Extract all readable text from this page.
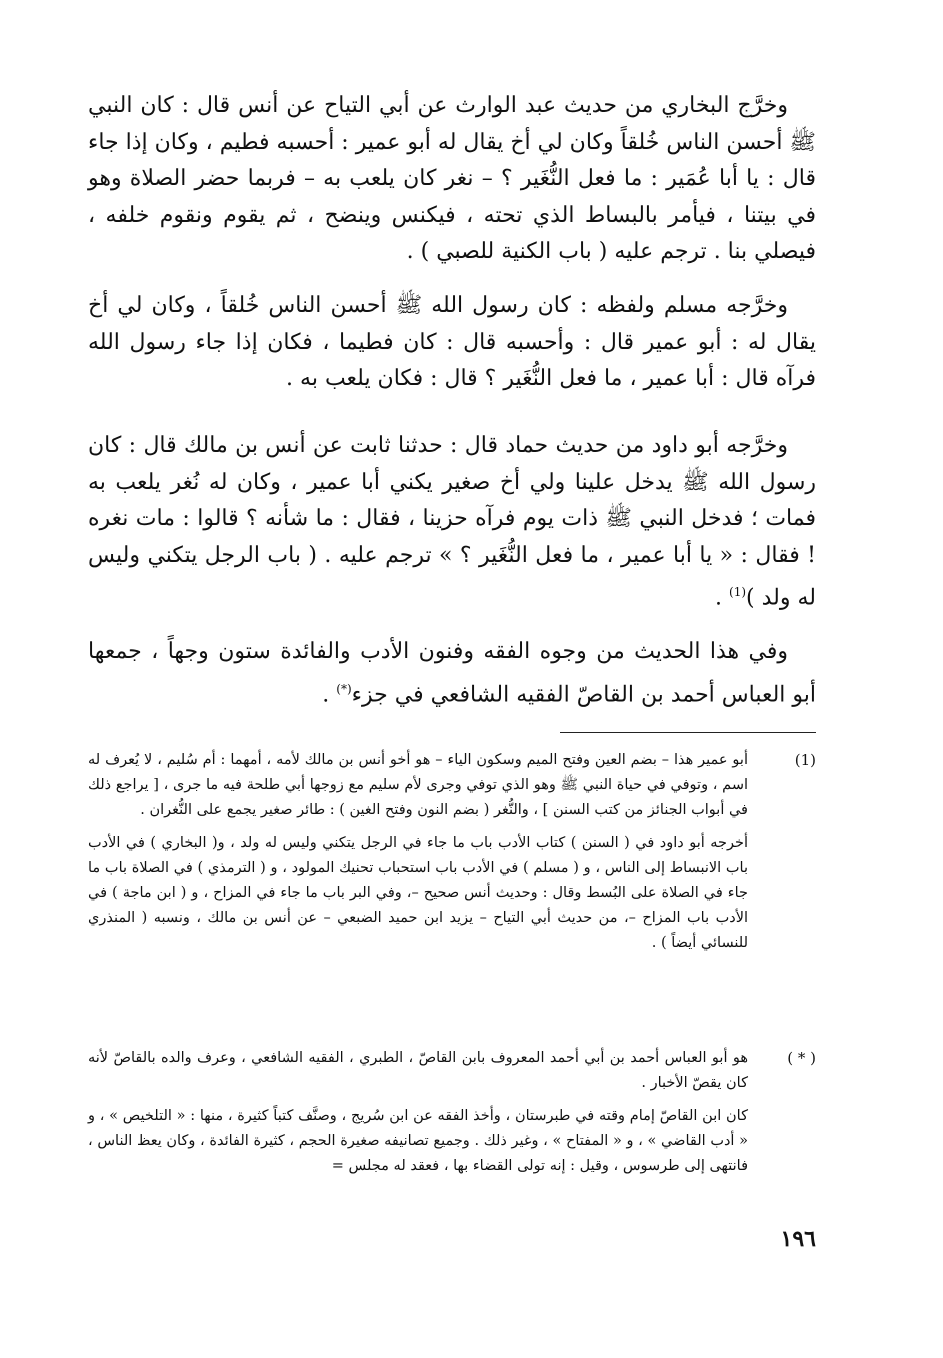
وخرَّج البخاري من حديث عبد الوارث عن أبي التياح عن أنس قال : كان النبي ﷺ أحسن الناس خُلقاً وكان لي أخ يقال له أبو عمير : أحسبه فطيم ، وكان إذا جاء قال : يا أبا عُمَير : ما فعل النُّغَير ؟ – نغر كان يلعب به – فربما حضر الصلاة وهو في بيتنا ، فيأمر بالبساط الذي تحته ، فيكنس وينضح ، ثم يقوم ونقوم خلفه ، فيصلي بنا . ترجم عليه ( باب الكنية للصبي ) .

وخرَّجه مسلم ولفظه : كان رسول الله ﷺ أحسن الناس خُلقاً ، وكان لي أخ يقال له : أبو عمير قال : وأحسبه قال : كان فطيما ، فكان إذا جاء رسول الله فرآه قال : أبا عمير ، ما فعل النُّغَير ؟ قال : فكان يلعب به .

وخرَّجه أبو داود من حديث حماد قال : حدثنا ثابت عن أنس بن مالك قال : كان رسول الله ﷺ يدخل علينا ولي أخ صغير يكني أبا عمير ، وكان له نُغر يلعب به فمات ؛ فدخل النبي ﷺ ذات يوم فرآه حزينا ، فقال : ما شأنه ؟ قالوا : مات نغره ! فقال : « يا أبا عمير ، ما فعل النُّغَير ؟ » ترجم عليه . ( باب الرجل يتكني وليس له ولد )$^{(1)}$ .

وفي هذا الحديث من وجوه الفقه وفنون الأدب والفائدة ستون وجهاً ، جمعها أبو العباس أحمد بن القاصّ الفقيه الشافعي في جزء(*) .

(1)

أبو عمير هذا – بضم العين وفتح الميم وسكون الياء – هو أخو أنس بن مالك لأمه ، أمهما : أم سُليم ، لا يُعرف له اسم ، وتوفي في حياة النبي ﷺ وهو الذي توفي وجرى لأم سليم مع زوجها أبي طلحة فيه ما جرى ، [ يراجع ذلك في أبواب الجنائز من كتب السنن ] ، والنُّغر ( بضم النون وفتح الغين ) : طائر صغير يجمع على النُّغران .

أخرجه أبو داود في ( السنن ) كتاب الأدب باب ما جاء في الرجل يتكني وليس له ولد ، و( البخاري ) في الأدب باب الانبساط إلى الناس ، و ( مسلم ) في الأدب باب استحباب تحنيك المولود ، و ( الترمذي ) في الصلاة باب ما جاء في الصلاة على البُسط وقال : وحديث أنس صحيح –، وفي البر باب ما جاء في المزاح ، و ( ابن ماجة ) في الأدب باب المزاح –، من حديث أبي التياح – يزيد ابن حميد الضبعي – عن أنس بن مالك ، ونسبه ( المنذري للنسائي أيضاً ) .

( * )

هو أبو العباس أحمد بن أبي أحمد المعروف بابن القاصّ ، الطبري ، الفقيه الشافعي ، وعرف والده بالقاصّ لأنه كان يقصّ الأخبار .

كان ابن القاصّ إمام وقته في طبرستان ، وأخذ الفقه عن ابن سُريج ، وصنَّف كتباً كثيرة ، منها : « التلخيص » ، و « أدب القاضي » ، و « المفتاح » ، وغير ذلك . وجميع تصانيفه صغيرة الحجم ، كثيرة الفائدة ، وكان يعظ الناس ، فانتهى إلى طرسوس ، وقيل : إنه تولى القضاء بها ، فعقد له مجلس =

١٩٦
